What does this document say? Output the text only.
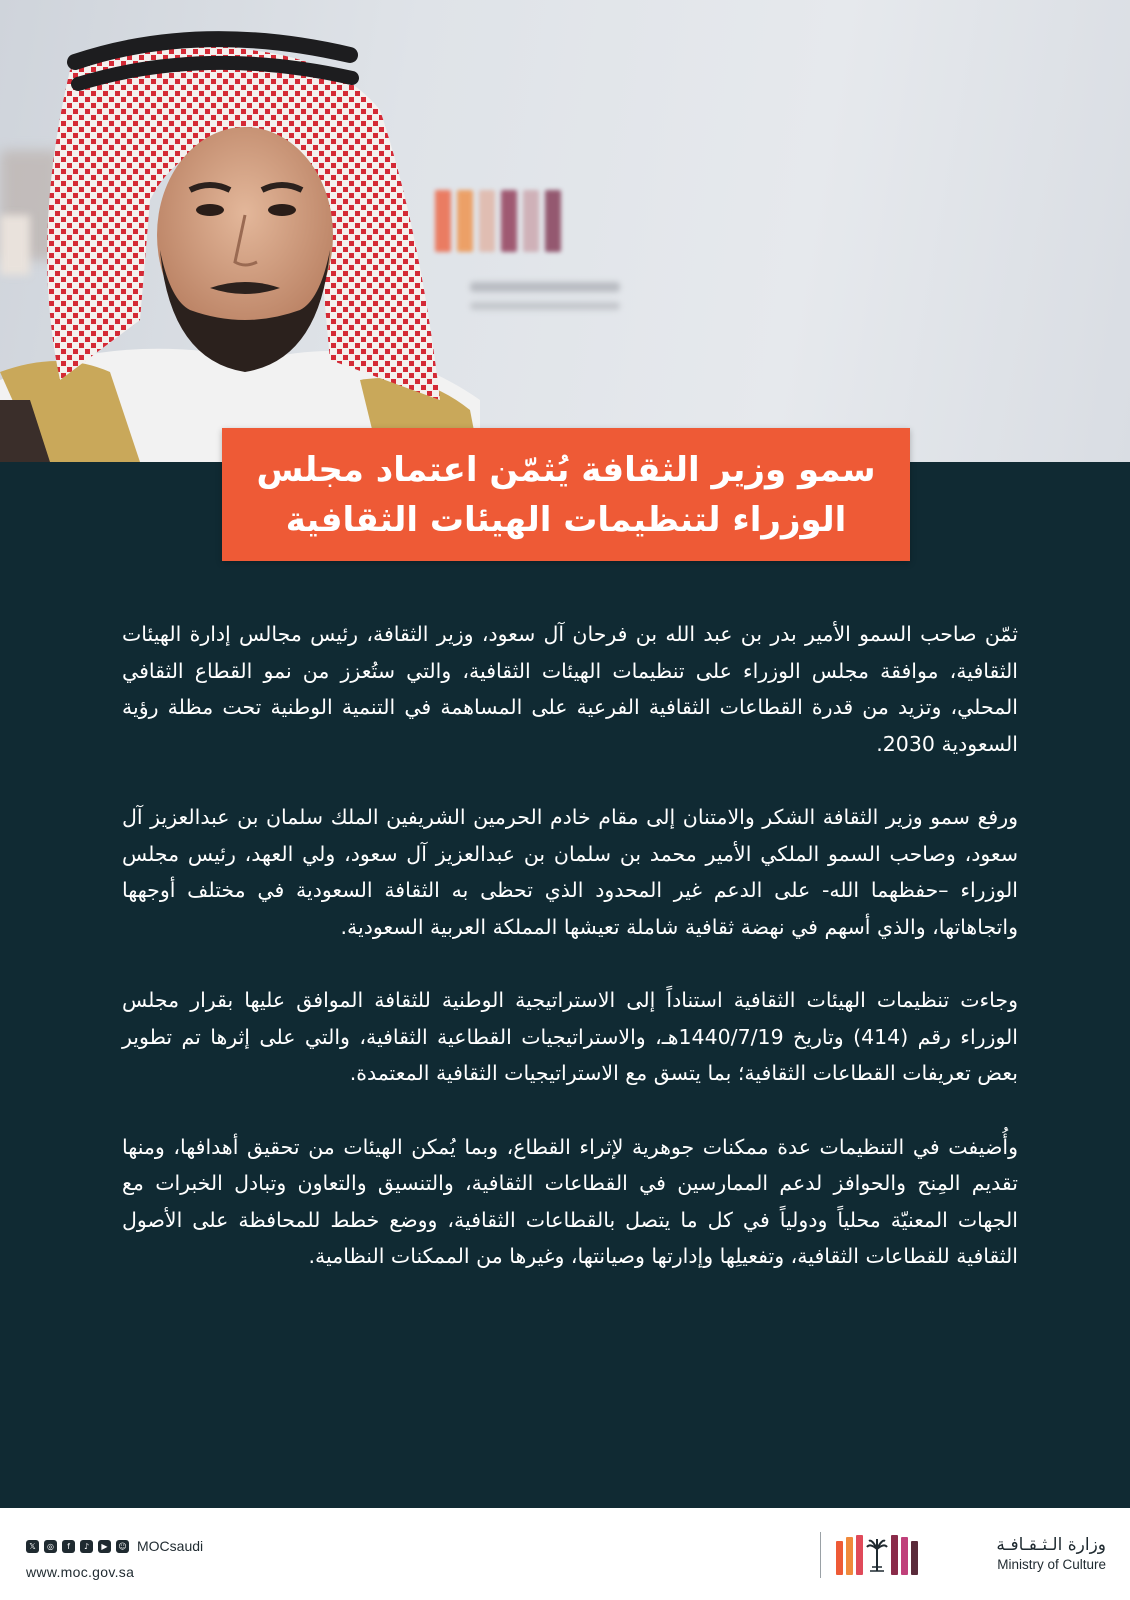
سمو وزير الثقافة يُثمّن اعتماد مجلس
الوزراء لتنظيمات الهيئات الثقافية

ثمّن صاحب السمو الأمير بدر بن عبد الله بن فرحان آل سعود، وزير الثقافة، رئيس مجالس إدارة الهيئات الثقافية، موافقة مجلس الوزراء على تنظيمات الهيئات الثقافية، والتي ستُعزز من نمو القطاع الثقافي المحلي، وتزيد من قدرة القطاعات الثقافية الفرعية على المساهمة في التنمية الوطنية تحت مظلة رؤية السعودية 2030.

ورفع سمو وزير الثقافة الشكر والامتنان إلى مقام خادم الحرمين الشريفين الملك سلمان بن عبدالعزيز آل سعود، وصاحب السمو الملكي الأمير محمد بن سلمان بن عبدالعزيز آل سعود، ولي العهد، رئيس مجلس الوزراء –حفظهما الله- على الدعم غير المحدود الذي تحظى به الثقافة السعودية في مختلف أوجهها واتجاهاتها، والذي أسهم في نهضة ثقافية شاملة تعيشها المملكة العربية السعودية.

وجاءت تنظيمات الهيئات الثقافية استناداً إلى الاستراتيجية الوطنية للثقافة الموافق عليها بقرار مجلس الوزراء رقم (414) وتاريخ 1440/7/19هـ، والاستراتيجيات القطاعية الثقافية، والتي على إثرها تم تطوير بعض تعريفات القطاعات الثقافية؛ بما يتسق مع الاستراتيجيات الثقافية المعتمدة.

وأُضيفت في التنظيمات عدة ممكنات جوهرية لإثراء القطاع، وبما يُمكن الهيئات من تحقيق أهدافها، ومنها تقديم المِنح والحوافز لدعم الممارسين في القطاعات الثقافية، والتنسيق والتعاون وتبادل الخبرات مع الجهات المعنيّة محلياً ودولياً في كل ما يتصل بالقطاعات الثقافية، ووضع خطط للمحافظة على الأصول الثقافية للقطاعات الثقافية، وتفعيلِها وإدارتها وصيانتها، وغيرها من الممكنات النظامية.

𝕏	◎	f	♪	▶	☺ MOCsaudi
www.moc.gov.sa
وزارة الـثـقـافـة
Ministry of Culture
